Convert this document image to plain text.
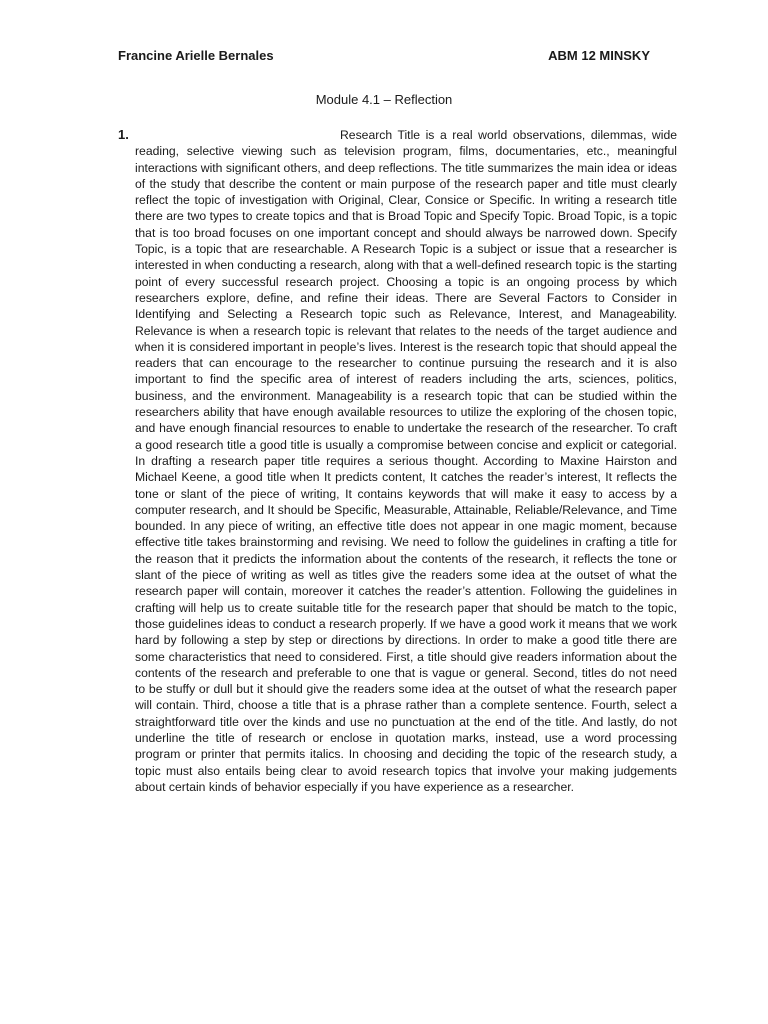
Francine Arielle Bernales	ABM 12 MINSKY
Module 4.1 – Reflection
1.	Research Title is a real world observations, dilemmas, wide reading, selective viewing such as television program, films, documentaries, etc., meaningful interactions with significant others, and deep reflections. The title summarizes the main idea or ideas of the study that describe the content or main purpose of the research paper and title must clearly reflect the topic of investigation with Original, Clear, Consice or Specific. In writing a research title there are two types to create topics and that is Broad Topic and Specify Topic. Broad Topic, is a topic that is too broad focuses on one important concept and should always be narrowed down. Specify Topic, is a topic that are researchable. A Research Topic is a subject or issue that a researcher is interested in when conducting a research, along with that a well-defined research topic is the starting point of every successful research project. Choosing a topic is an ongoing process by which researchers explore, define, and refine their ideas. There are Several Factors to Consider in Identifying and Selecting a Research topic such as Relevance, Interest, and Manageability. Relevance is when a research topic is relevant that relates to the needs of the target audience and when it is considered important in people’s lives. Interest is the research topic that should appeal the readers that can encourage to the researcher to continue pursuing the research and it is also important to find the specific area of interest of readers including the arts, sciences, politics, business, and the environment. Manageability is a research topic that can be studied within the researchers ability that have enough available resources to utilize the exploring of the chosen topic, and have enough financial resources to enable to undertake the research of the researcher. To craft a good research title a good title is usually a compromise between concise and explicit or categorial. In drafting a research paper title requires a serious thought. According to Maxine Hairston and Michael Keene, a good title when It predicts content, It catches the reader’s interest, It reflects the tone or slant of the piece of writing, It contains keywords that will make it easy to access by a computer research, and It should be Specific, Measurable, Attainable, Reliable/Relevance, and Time bounded. In any piece of writing, an effective title does not appear in one magic moment, because effective title takes brainstorming and revising. We need to follow the guidelines in crafting a title for the reason that it predicts the information about the contents of the research, it reflects the tone or slant of the piece of writing as well as titles give the readers some idea at the outset of what the research paper will contain, moreover it catches the reader’s attention. Following the guidelines in crafting will help us to create suitable title for the research paper that should be match to the topic, those guidelines ideas to conduct a research properly. If we have a good work it means that we work hard by following a step by step or directions by directions. In order to make a good title there are some characteristics that need to considered. First, a title should give readers information about the contents of the research and preferable to one that is vague or general. Second, titles do not need to be stuffy or dull but it should give the readers some idea at the outset of what the research paper will contain. Third, choose a title that is a phrase rather than a complete sentence. Fourth, select a straightforward title over the kinds and use no punctuation at the end of the title. And lastly, do not underline the title of research or enclose in quotation marks, instead, use a word processing program or printer that permits italics. In choosing and deciding the topic of the research study, a topic must also entails being clear to avoid research topics that involve your making judgements about certain kinds of behavior especially if you have experience as a researcher.
